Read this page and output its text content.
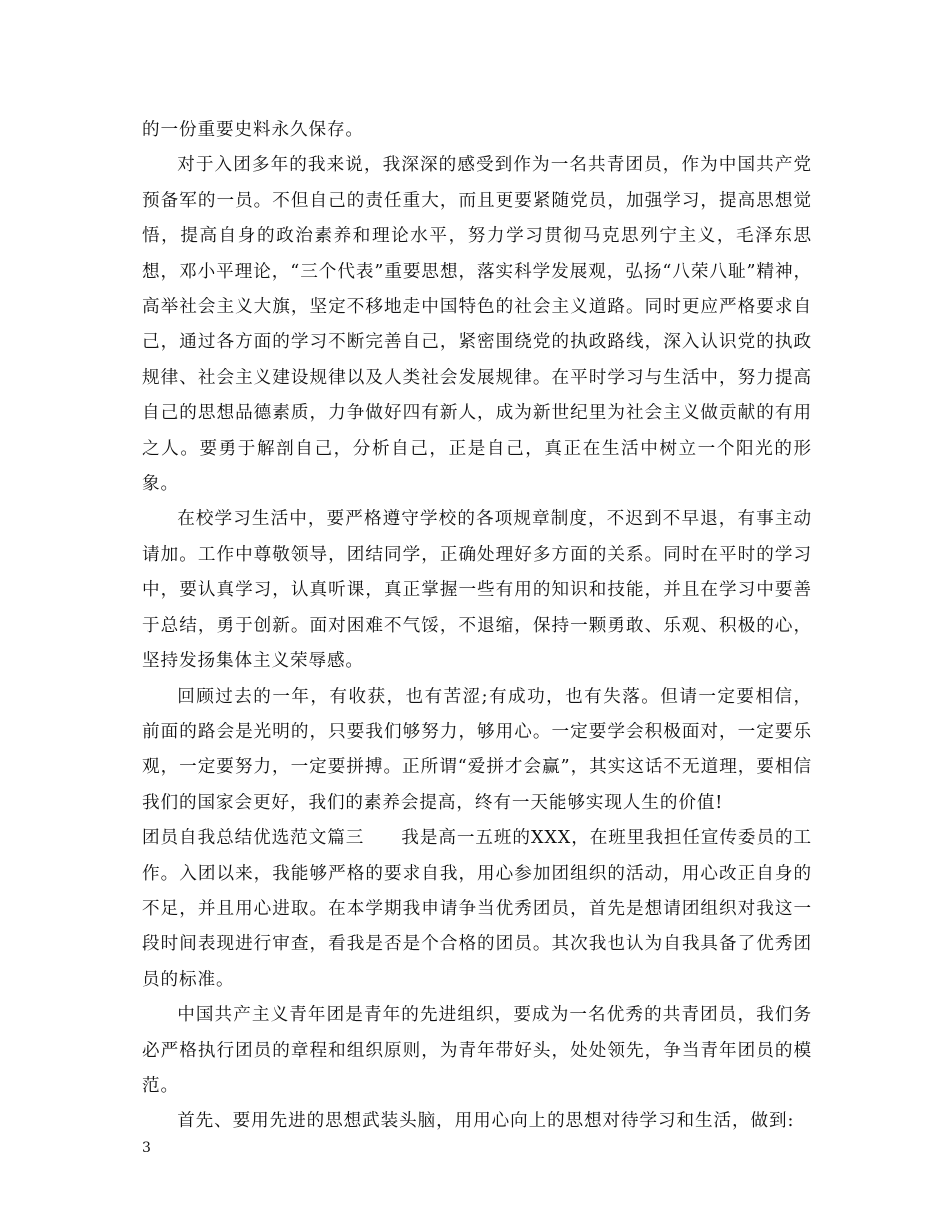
的一份重要史料永久保存。

对于入团多年的我来说，我深深的感受到作为一名共青团员，作为中国共产党预备军的一员。不但自己的责任重大，而且更要紧随党员，加强学习，提高思想觉悟，提高自身的政治素养和理论水平，努力学习贯彻马克思列宁主义，毛泽东思想，邓小平理论，“三个代表”重要思想，落实科学发展观，弘扬“八荣八耻”精神，高举社会主义大旗，坚定不移地走中国特色的社会主义道路。同时更应严格要求自己，通过各方面的学习不断完善自己，紧密围绕党的执政路线，深入认识党的执政规律、社会主义建设规律以及人类社会发展规律。在平时学习与生活中，努力提高自己的思想品德素质，力争做好四有新人，成为新世纪里为社会主义做贡献的有用之人。要勇于解剖自己，分析自己，正是自己，真正在生活中树立一个阳光的形象。

在校学习生活中，要严格遵守学校的各项规章制度，不迟到不早退，有事主动请加。工作中尊敬领导，团结同学，正确处理好多方面的关系。同时在平时的学习中，要认真学习，认真听课，真正掌握一些有用的知识和技能，并且在学习中要善于总结，勇于创新。面对困难不气馁，不退缩，保持一颗勇敢、乐观、积极的心，坚持发扬集体主义荣辱感。

回顾过去的一年，有收获，也有苦涩;有成功，也有失落。但请一定要相信，前面的路会是光明的，只要我们够努力，够用心。一定要学会积极面对，一定要乐观，一定要努力，一定要拼搏。正所谓“爱拼才会赢”，其实这话不无道理，要相信我们的国家会更好，我们的素养会提高，终有一天能够实现人生的价值!

团员自我总结优选范文篇三　　我是高一五班的XXX，在班里我担任宣传委员的工作。入团以来，我能够严格的要求自我，用心参加团组织的活动，用心改正自身的不足，并且用心进取。在本学期我申请争当优秀团员，首先是想请团组织对我这一段时间表现进行审查，看我是否是个合格的团员。其次我也认为自我具备了优秀团员的标准。

中国共产主义青年团是青年的先进组织，要成为一名优秀的共青团员，我们务必严格执行团员的章程和组织原则，为青年带好头，处处领先，争当青年团员的模范。

首先、要用先进的思想武装头脑，用用心向上的思想对待学习和生活，做到:

3
